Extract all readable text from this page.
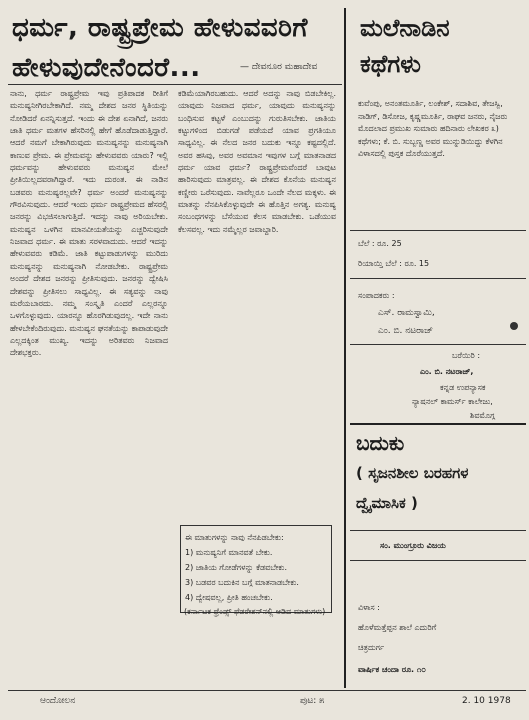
ಧರ್ಮ, ರಾಷ್ಟ್ರಪ್ರೇಮ ಹೇಳುವವರಿಗೆ
ಹೇಳುವುದೇನೆಂದರೆ...	— ದೇವನೂರ ಮಹಾದೇವ

ನಾನು, ಧರ್ಮ ರಾಷ್ಟ್ರಪ್ರೇಮ ಇವು ಪ್ರತಿಪಾದಕ ರೀತಿಗೆ ಮನುಷ್ಯನೀಗಿರಬೇಕಾಗಿದೆ. ನಮ್ಮ ದೇಶದ ಜನರ ಸ್ಥಿತಿಯನ್ನು ನೋಡಿದರೆ ಏನನ್ನಿಸುತ್ತದೆ. ಇಂದು ಈ ದೇಶ ಏನಾಗಿದೆ, ಜನರು ಜಾತಿ ಧರ್ಮ ಮತಗಳ ಹೆಸರಿನಲ್ಲಿ ಹೇಗೆ ಹೊಡೆದಾಡುತ್ತಿದ್ದಾರೆ. ಆದರೆ ನಮಗೆ ಬೇಕಾಗಿರುವುದು ಮನುಷ್ಯನನ್ನು ಮನುಷ್ಯನಾಗಿ ಕಾಣುವ ಪ್ರೇಮ. ಈ ಪ್ರೇಮವನ್ನು ಹೇಳುವವರು ಯಾರು? ಇಲ್ಲಿ ಧರ್ಮವನ್ನು ಹೇಳುವವರು ಮನುಷ್ಯನ ಮೇಲೆ ಪ್ರೀತಿಯಿಲ್ಲದವರಾಗಿದ್ದಾರೆ. ಇದು ದುರಂತ. ಈ ನಾಡಿನ ಬಡವರು ಮನುಷ್ಯರಲ್ಲವೇ? ಧರ್ಮ ಅಂದರೆ ಮನುಷ್ಯನನ್ನು ಗೌರವಿಸುವುದು. ಆದರೆ ಇಂದು ಧರ್ಮ ರಾಷ್ಟ್ರಪ್ರೇಮದ ಹೆಸರಲ್ಲಿ ಜನರನ್ನು ವಿಭಜಿಸಲಾಗುತ್ತಿದೆ. ಇದನ್ನು ನಾವು ಅರಿಯಬೇಕು. ಮನುಷ್ಯನ ಒಳಗಿನ ಮಾನವೀಯತೆಯನ್ನು ಎಚ್ಚರಿಸುವುದೇ ನಿಜವಾದ ಧರ್ಮ. ಈ ಮಾತು ಸರಳವಾದುದು. ಆದರೆ ಇದನ್ನು ಹೇಳುವವರು ಕಡಿಮೆ. ಜಾತಿ ಕಟ್ಟುಪಾಡುಗಳನ್ನು ಮುರಿದು ಮನುಷ್ಯನನ್ನು ಮನುಷ್ಯನಾಗಿ ನೋಡಬೇಕು. ರಾಷ್ಟ್ರಪ್ರೇಮ ಅಂದರೆ ದೇಶದ ಜನರನ್ನು ಪ್ರೀತಿಸುವುದು. ಜನರನ್ನು ದ್ವೇಷಿಸಿ ದೇಶವನ್ನು ಪ್ರೀತಿಸಲು ಸಾಧ್ಯವಿಲ್ಲ. ಈ ಸತ್ಯವನ್ನು ನಾವು ಮರೆಯಬಾರದು. ನಮ್ಮ ಸಂಸ್ಕೃತಿ ಎಂದರೆ ಎಲ್ಲರನ್ನೂ ಒಳಗೊಳ್ಳುವುದು. ಯಾರನ್ನೂ ಹೊರಗಿಡುವುದಲ್ಲ. ಇದೇ ನಾನು ಹೇಳಬೇಕೆಂದಿರುವುದು. ಮನುಷ್ಯನ ಘನತೆಯನ್ನು ಕಾಪಾಡುವುದೇ ಎಲ್ಲದಕ್ಕಿಂತ ಮುಖ್ಯ. ಇದನ್ನು ಅರಿತವರು ನಿಜವಾದ ದೇಶಭಕ್ತರು.

ಕಡಿಮೆಯಾಗಿರಬಹುದು. ಆದರೆ ಅದನ್ನು ನಾವು ಬಿಡಬೇಕಿಲ್ಲ. ಯಾವುದು ನಿಜವಾದ ಧರ್ಮ, ಯಾವುದು ಮನುಷ್ಯನನ್ನು ಬಂಧಿಸುವ ಕಟ್ಟಳೆ ಎಂಬುದನ್ನು ಗುರುತಿಸಬೇಕು. ಜಾತಿಯ ಕಟ್ಟುಗಳಿಂದ ಬಿಡುಗಡೆ ಪಡೆಯದೆ ಯಾವ ಪ್ರಗತಿಯೂ ಸಾಧ್ಯವಿಲ್ಲ. ಈ ನೆಲದ ಜನರ ಬದುಕು ಇನ್ನೂ ಕಷ್ಟದಲ್ಲಿದೆ. ಅವರ ಹಸಿವು, ಅವರ ಅವಮಾನ ಇವುಗಳ ಬಗ್ಗೆ ಮಾತನಾಡದ ಧರ್ಮ ಯಾವ ಧರ್ಮ? ರಾಷ್ಟ್ರಪ್ರೇಮವೆಂದರೆ ಬಾವುಟ ಹಾರಿಸುವುದು ಮಾತ್ರವಲ್ಲ. ಈ ದೇಶದ ಕೊನೆಯ ಮನುಷ್ಯನ ಕಣ್ಣೀರು ಒರೆಸುವುದು. ನಾವೆಲ್ಲರೂ ಒಂದೇ ನೆಲದ ಮಕ್ಕಳು. ಈ ಮಾತನ್ನು ನೆನಪಿಸಿಕೊಳ್ಳುವುದೇ ಈ ಹೊತ್ತಿನ ಅಗತ್ಯ. ಮನುಷ್ಯ ಸಂಬಂಧಗಳನ್ನು ಬೆಸೆಯುವ ಕೆಲಸ ಮಾಡಬೇಕು. ಒಡೆಯುವ ಕೆಲಸವಲ್ಲ. ಇದು ನಮ್ಮೆಲ್ಲರ ಜವಾಬ್ದಾರಿ.

ಈ ಮಾತುಗಳನ್ನು ನಾವು ನೆನಪಿಡಬೇಕು:

1) ಮನುಷ್ಯನಿಗೆ ಮಾನವತೆ ಬೇಕು.

2) ಜಾತಿಯ ಗೋಡೆಗಳನ್ನು ಕೆಡವಬೇಕು.

3) ಬಡವರ ಬದುಕಿನ ಬಗ್ಗೆ ಮಾತನಾಡಬೇಕು.

4) ದ್ವೇಷವಲ್ಲ, ಪ್ರೀತಿ ಹಂಚಬೇಕು.

(ಕರ್ನಾಟಕ ಫ್ರೆಂಡ್ಸ್ ಫೆಡರೇಶನ್‌ನಲ್ಲಿ ಆಡಿದ ಮಾತುಗಳು)
ಮಲೆನಾಡಿನ
ಕಥೆಗಳು
ಕುವೆಂಪು, ಅನಂತಮೂರ್ತಿ, ಲಂಕೇಶ್, ಸದಾಶಿವ, ತೇಜಸ್ವಿ, ನಾಡಿಗ್, ಡಿಸೋಜ, ಕೃಷ್ಣಮೂರ್ತಿ, ರಾಘವ ಜನರು, ನೈಜರು ಮೊದಲಾದ ಪ್ರಮುಖ ಸುಮಾರು ಹದಿನಾರು ಲೇಖಕರ ೩) ಕಥೆಗಳು; ಕೆ. ಬಿ. ಸುಬ್ಬಣ್ಣ ಅವರ ಮುನ್ನುಡಿಯಿದ್ದು ಕೆಳಗಿನ ವಿಳಾಸದಲ್ಲಿ ಪುಸ್ತಕ ದೊರೆಯುತ್ತದೆ.
ಬೆಲೆ : ರೂ. 25
ರಿಯಾಯ್ತಿ ಬೆಲೆ : ರೂ. 15
ಸಂಪಾದಕರು :
ಎಸ್. ರಾಮಸ್ವಾಮಿ,
ಎಂ. ಬಿ. ನಟರಾಜ್
ಬರೆಯಿರಿ :
ಎಂ. ಬಿ. ನಟರಾಜ್,
ಕನ್ನಡ ಉಪನ್ಯಾಸಕ
ನ್ಯಾಷನಲ್ ಕಾಮರ್ಸ್ ಕಾಲೇಜು,
ಶಿವಮೊಗ್ಗ
ಬದುಕು
( ಸೃಜನಶೀಲ ಬರಹಗಳ
ದ್ವೈಮಾಸಿಕ )
ಸಂ. ಮುಂಗ್ರೂರು ವಿಜಯ
ವಿಳಾಸ :
ಹೊಳೆಮತ್ತೆಪ್ಪನ ಶಾಲೆ ಎದುರಿಗೆ
ಚಿತ್ರದುರ್ಗ
ವಾರ್ಷಿಕ ಚಂದಾ ರೂ. ೧೦
ಆಂದೋಲನ	ಪುಟ: ೫	2. 10 1978
